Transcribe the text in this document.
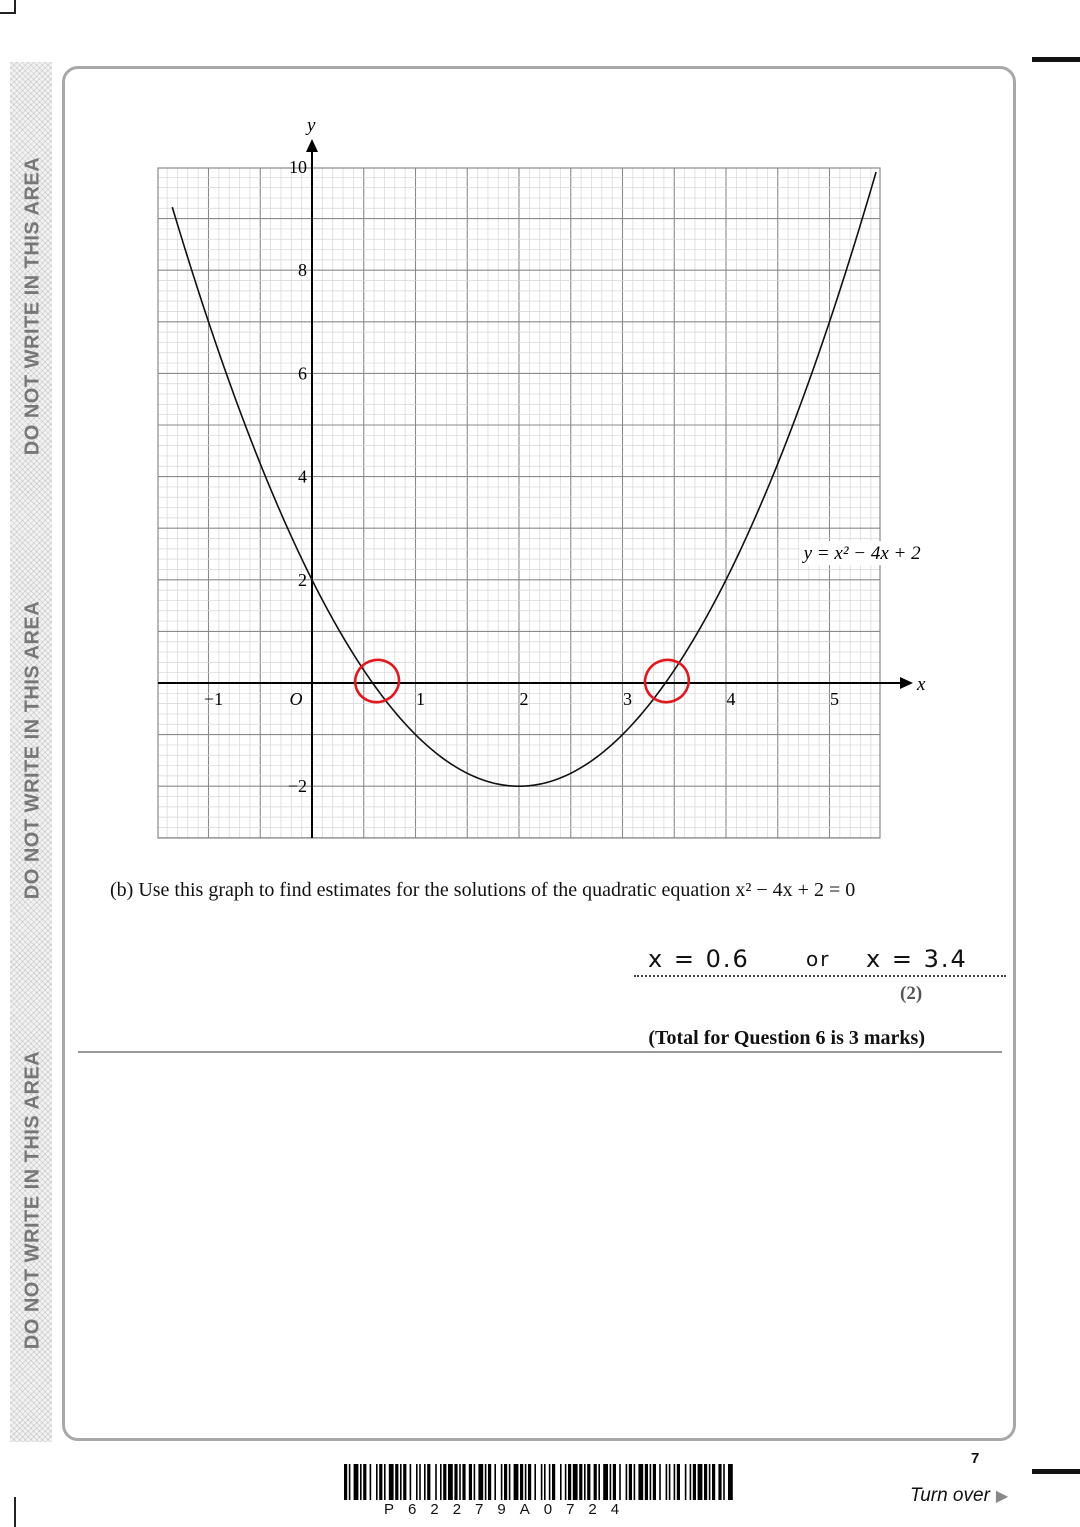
DO NOT WRITE IN THIS AREA
DO NOT WRITE IN THIS AREA
DO NOT WRITE IN THIS AREA
x
y
−1	O	1	2	3	4	5
10
8
6
4
2
−2
y = x² − 4x + 2
(b) Use this graph to find estimates for the solutions of the quadratic equation x² − 4x + 2 = 0
x = 0.6	or x = 3.4
(2)
(Total for Question 6 is 3 marks)
P62279A0724
7
Turn over ▶
